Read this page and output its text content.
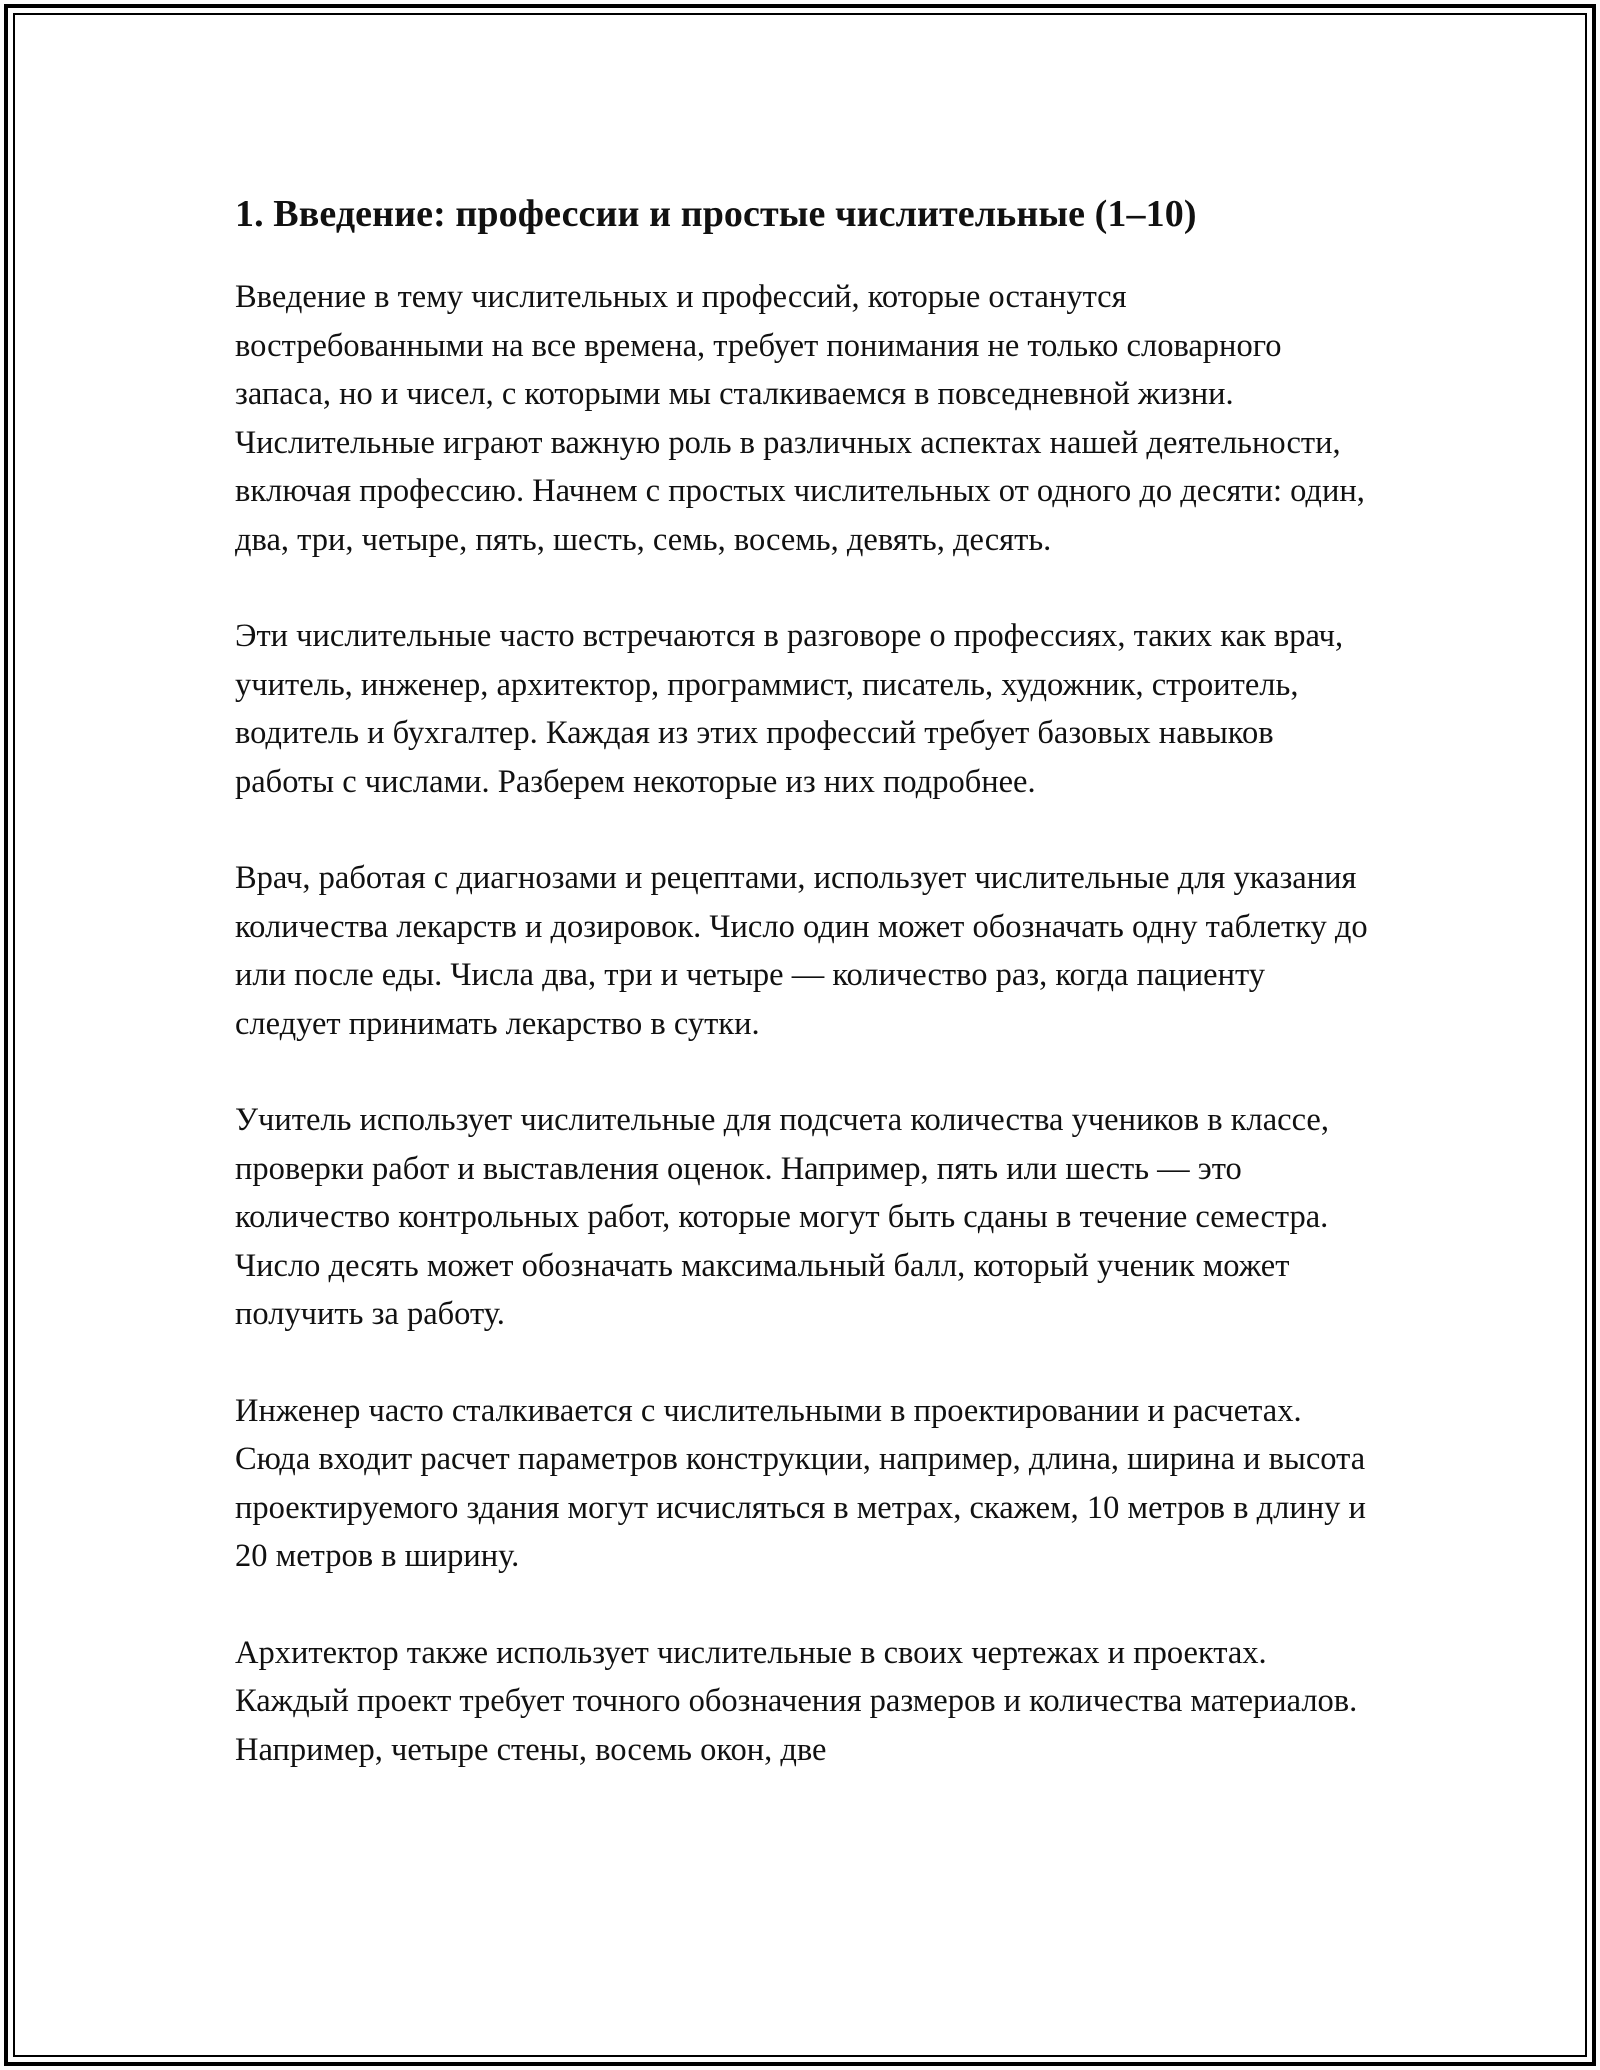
1. Введение: профессии и простые числительные (1–10)

Введение в тему числительных и профессий, которые останутся востребованными на все времена, требует понимания не только словарного запаса, но и чисел, с которыми мы сталкиваемся в повседневной жизни. Числительные играют важную роль в различных аспектах нашей деятельности, включая профессию. Начнем с простых числительных от одного до десяти: один, два, три, четыре, пять, шесть, семь, восемь, девять, десять.

Эти числительные часто встречаются в разговоре о профессиях, таких как врач, учитель, инженер, архитектор, программист, писатель, художник, строитель, водитель и бухгалтер. Каждая из этих профессий требует базовых навыков работы с числами. Разберем некоторые из них подробнее.

Врач, работая с диагнозами и рецептами, использует числительные для указания количества лекарств и дозировок. Число один может обозначать одну таблетку до или после еды. Числа два, три и четыре — количество раз, когда пациенту следует принимать лекарство в сутки.

Учитель использует числительные для подсчета количества учеников в классе, проверки работ и выставления оценок. Например, пять или шесть — это количество контрольных работ, которые могут быть сданы в течение семестра. Число десять может обозначать максимальный балл, который ученик может получить за работу.

Инженер часто сталкивается с числительными в проектировании и расчетах. Сюда входит расчет параметров конструкции, например, длина, ширина и высота проектируемого здания могут исчисляться в метрах, скажем, 10 метров в длину и 20 метров в ширину.

Архитектор также использует числительные в своих чертежах и проектах. Каждый проект требует точного обозначения размеров и количества материалов. Например, четыре стены, восемь окон, две
